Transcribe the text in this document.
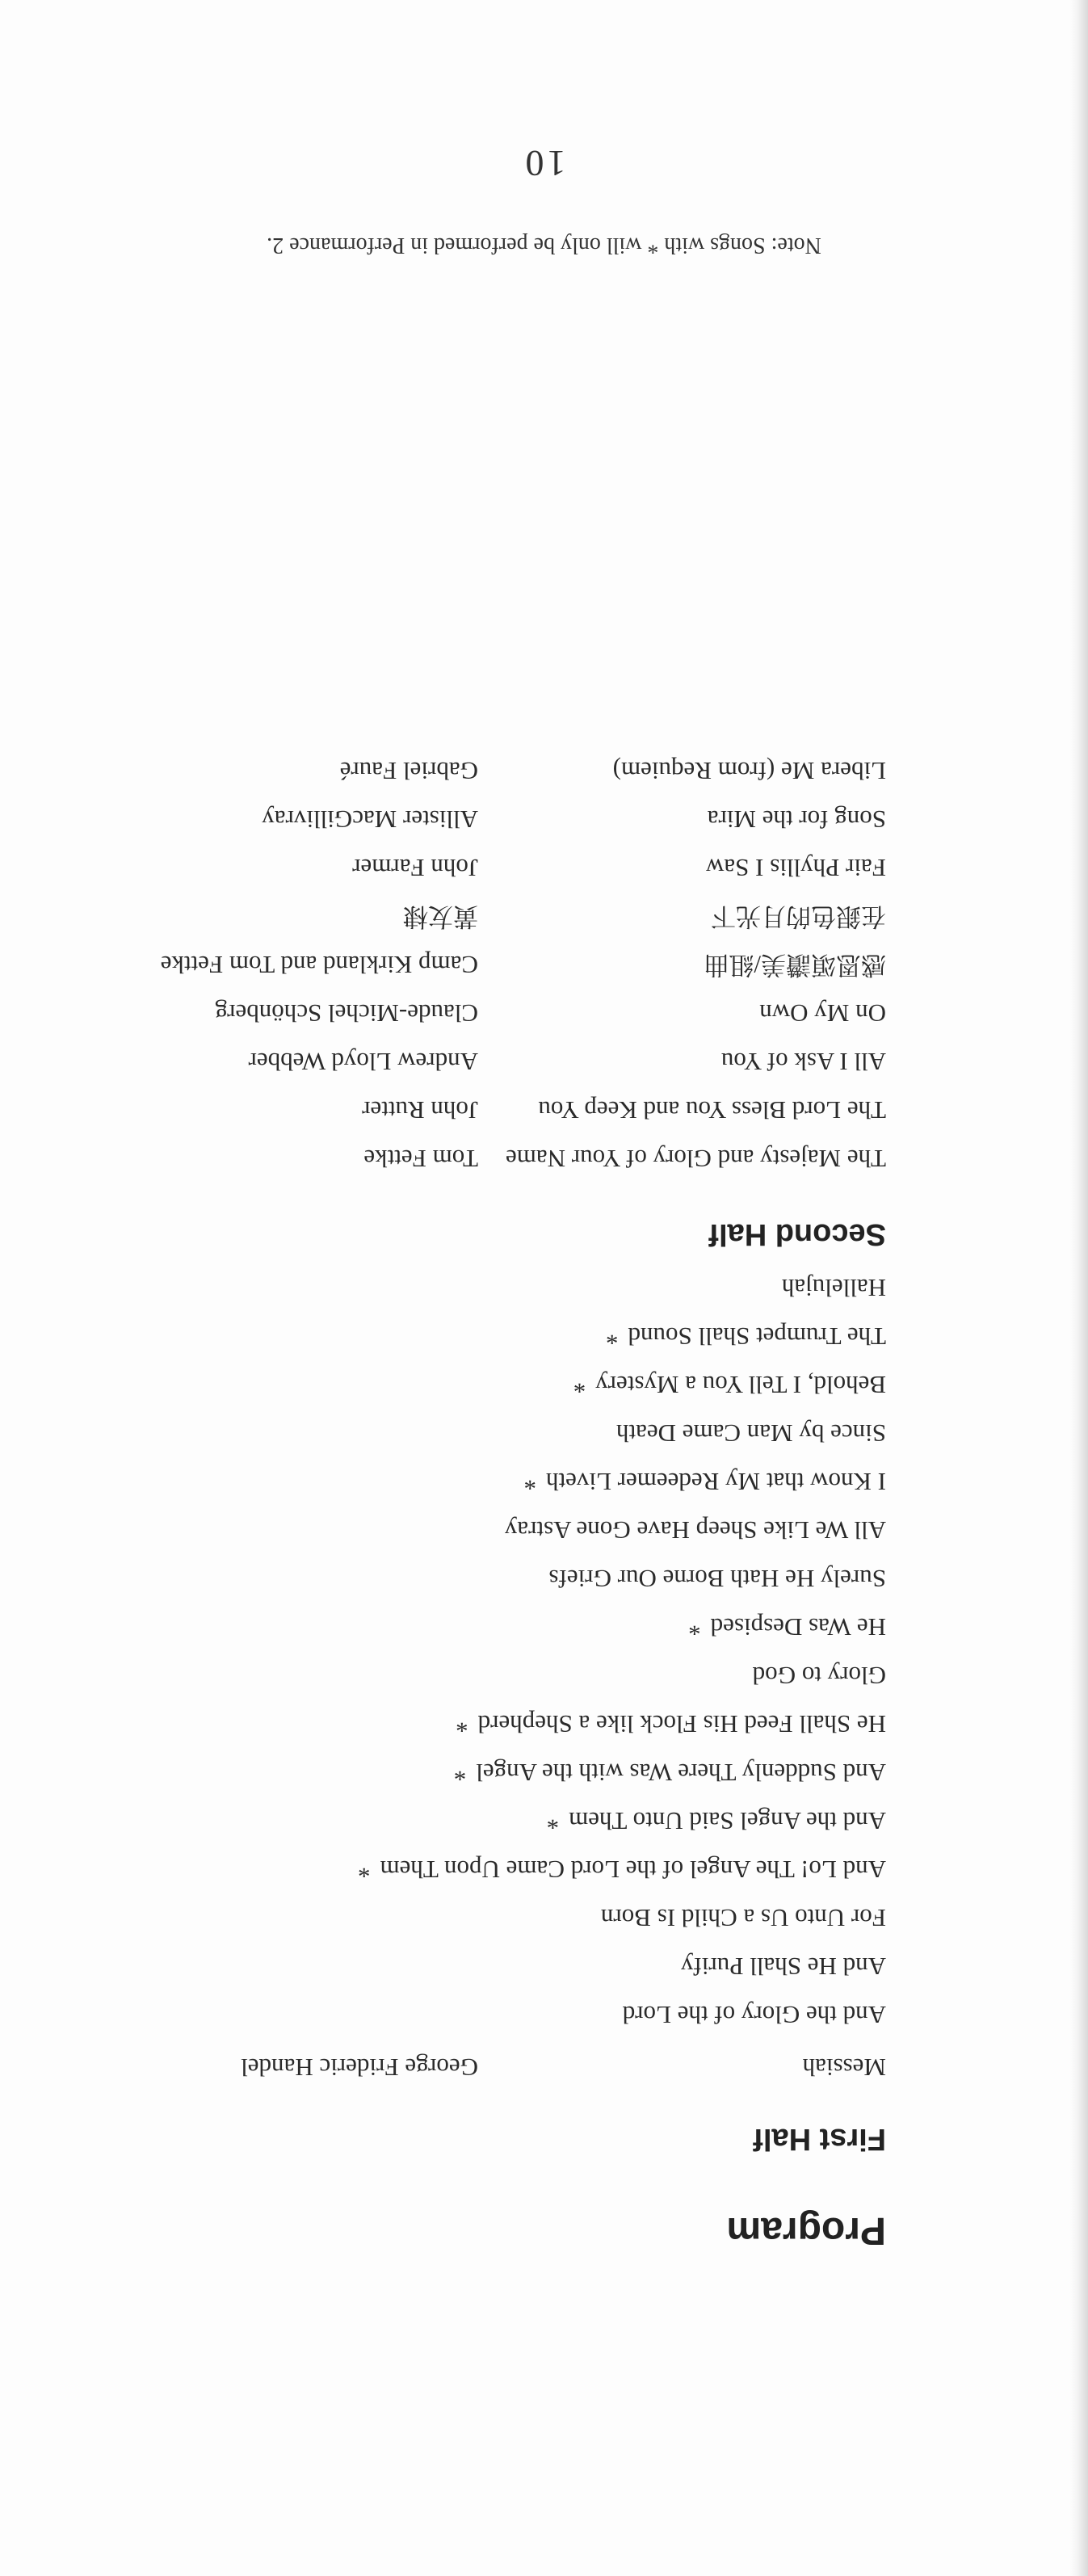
Program
First Half
Messiah
George Frideric Handel
And the Glory of the Lord
And He Shall Purify
For Unto Us a Child Is Born
And Lo! The Angel of the Lord Came Upon Them*
And the Angel Said Unto Them*
And Suddenly There Was with the Angel*
He Shall Feed His Flock like a Shepherd*
Glory to God
He Was Despised*
Surely He Hath Borne Our Griefs
All We Like Sheep Have Gone Astray
I Know that My Redeemer Liveth*
Since by Man Came Death
Behold, I Tell You a Mystery*
The Trumpet Shall Sound*
Hallelujah
Second Half
The Majesty and Glory of Your Name
Tom Fettke
The Lord Bless You and Keep You
John Rutter
All I Ask of You
Andrew Lloyd Webber
On My Own
Claude-Michel Schönberg
感恩頌讚美/組曲
Camp Kirkland and Tom Fettke
在銀色的月光下
黃友棣
Fair Phyllis I Saw
John Farmer
Song for the Mira
Allister MacGillivray
Libera Me (from Requiem)
Gabriel Fauré
Note: Songs with * will only be performed in Performance 2.
10
